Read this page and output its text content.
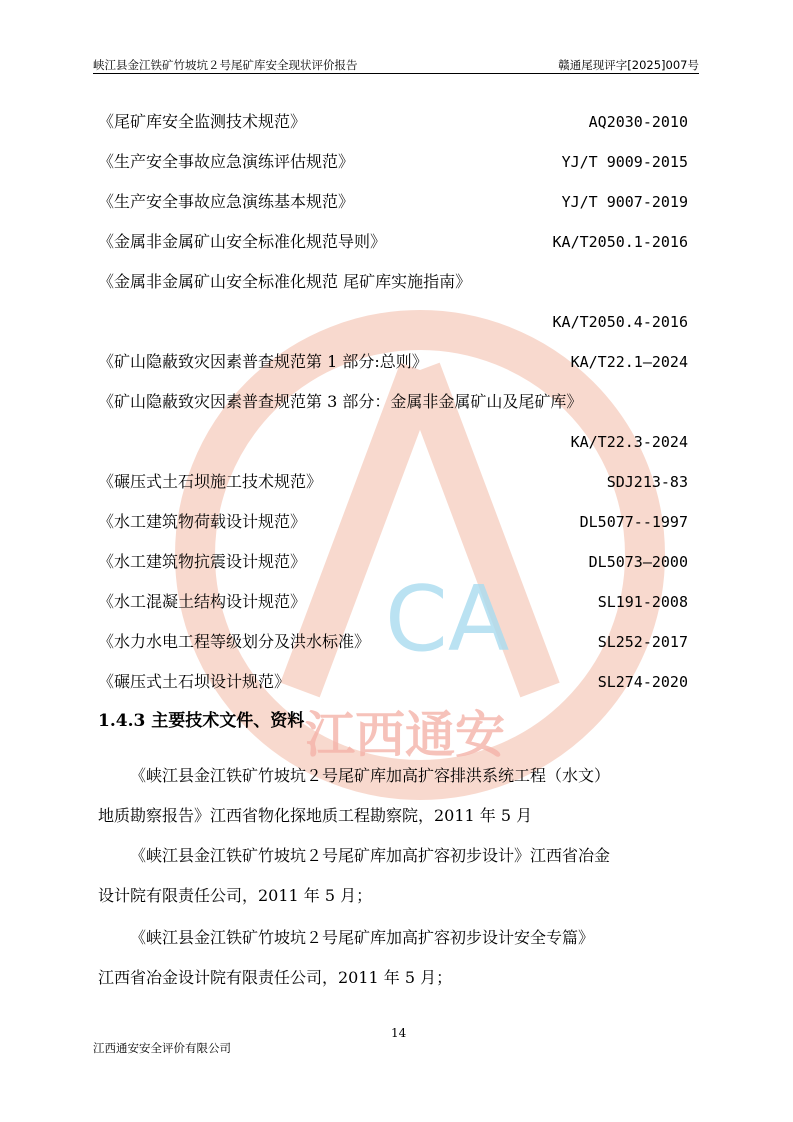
CA
江西通安
峡江县金江铁矿竹坡坑２号尾矿库安全现状评价报告	赣通尾现评字[2025]007号
《尾矿库安全监测技术规范》	AQ2030-2010
《生产安全事故应急演练评估规范》	YJ/T 9009-2015
《生产安全事故应急演练基本规范》	YJ/T 9007-2019
《金属非金属矿山安全标准化规范导则》	KA/T2050.1-2016
《金属非金属矿山安全标准化规范 尾矿库实施指南》
KA/T2050.4-2016
《矿山隐蔽致灾因素普查规范第 1 部分:总则》	KA/T22.1—2024
《矿山隐蔽致灾因素普查规范第 3 部分：金属非金属矿山及尾矿库》
KA/T22.3-2024
《碾压式土石坝施工技术规范》	SDJ213-83
《水工建筑物荷载设计规范》	DL5077--1997
《水工建筑物抗震设计规范》	DL5073—2000
《水工混凝土结构设计规范》	SL191-2008
《水力水电工程等级划分及洪水标准》	SL252-2017
《碾压式土石坝设计规范》	SL274-2020
1.4.3 主要技术文件、资料
《峡江县金江铁矿竹坡坑２号尾矿库加高扩容排洪系统工程（水文）
地质勘察报告》江西省物化探地质工程勘察院，2011 年 5 月
《峡江县金江铁矿竹坡坑２号尾矿库加高扩容初步设计》江西省冶金
设计院有限责任公司，2011 年 5 月；
《峡江县金江铁矿竹坡坑２号尾矿库加高扩容初步设计安全专篇》
江西省冶金设计院有限责任公司，2011 年 5 月；
14
江西通安安全评价有限公司
